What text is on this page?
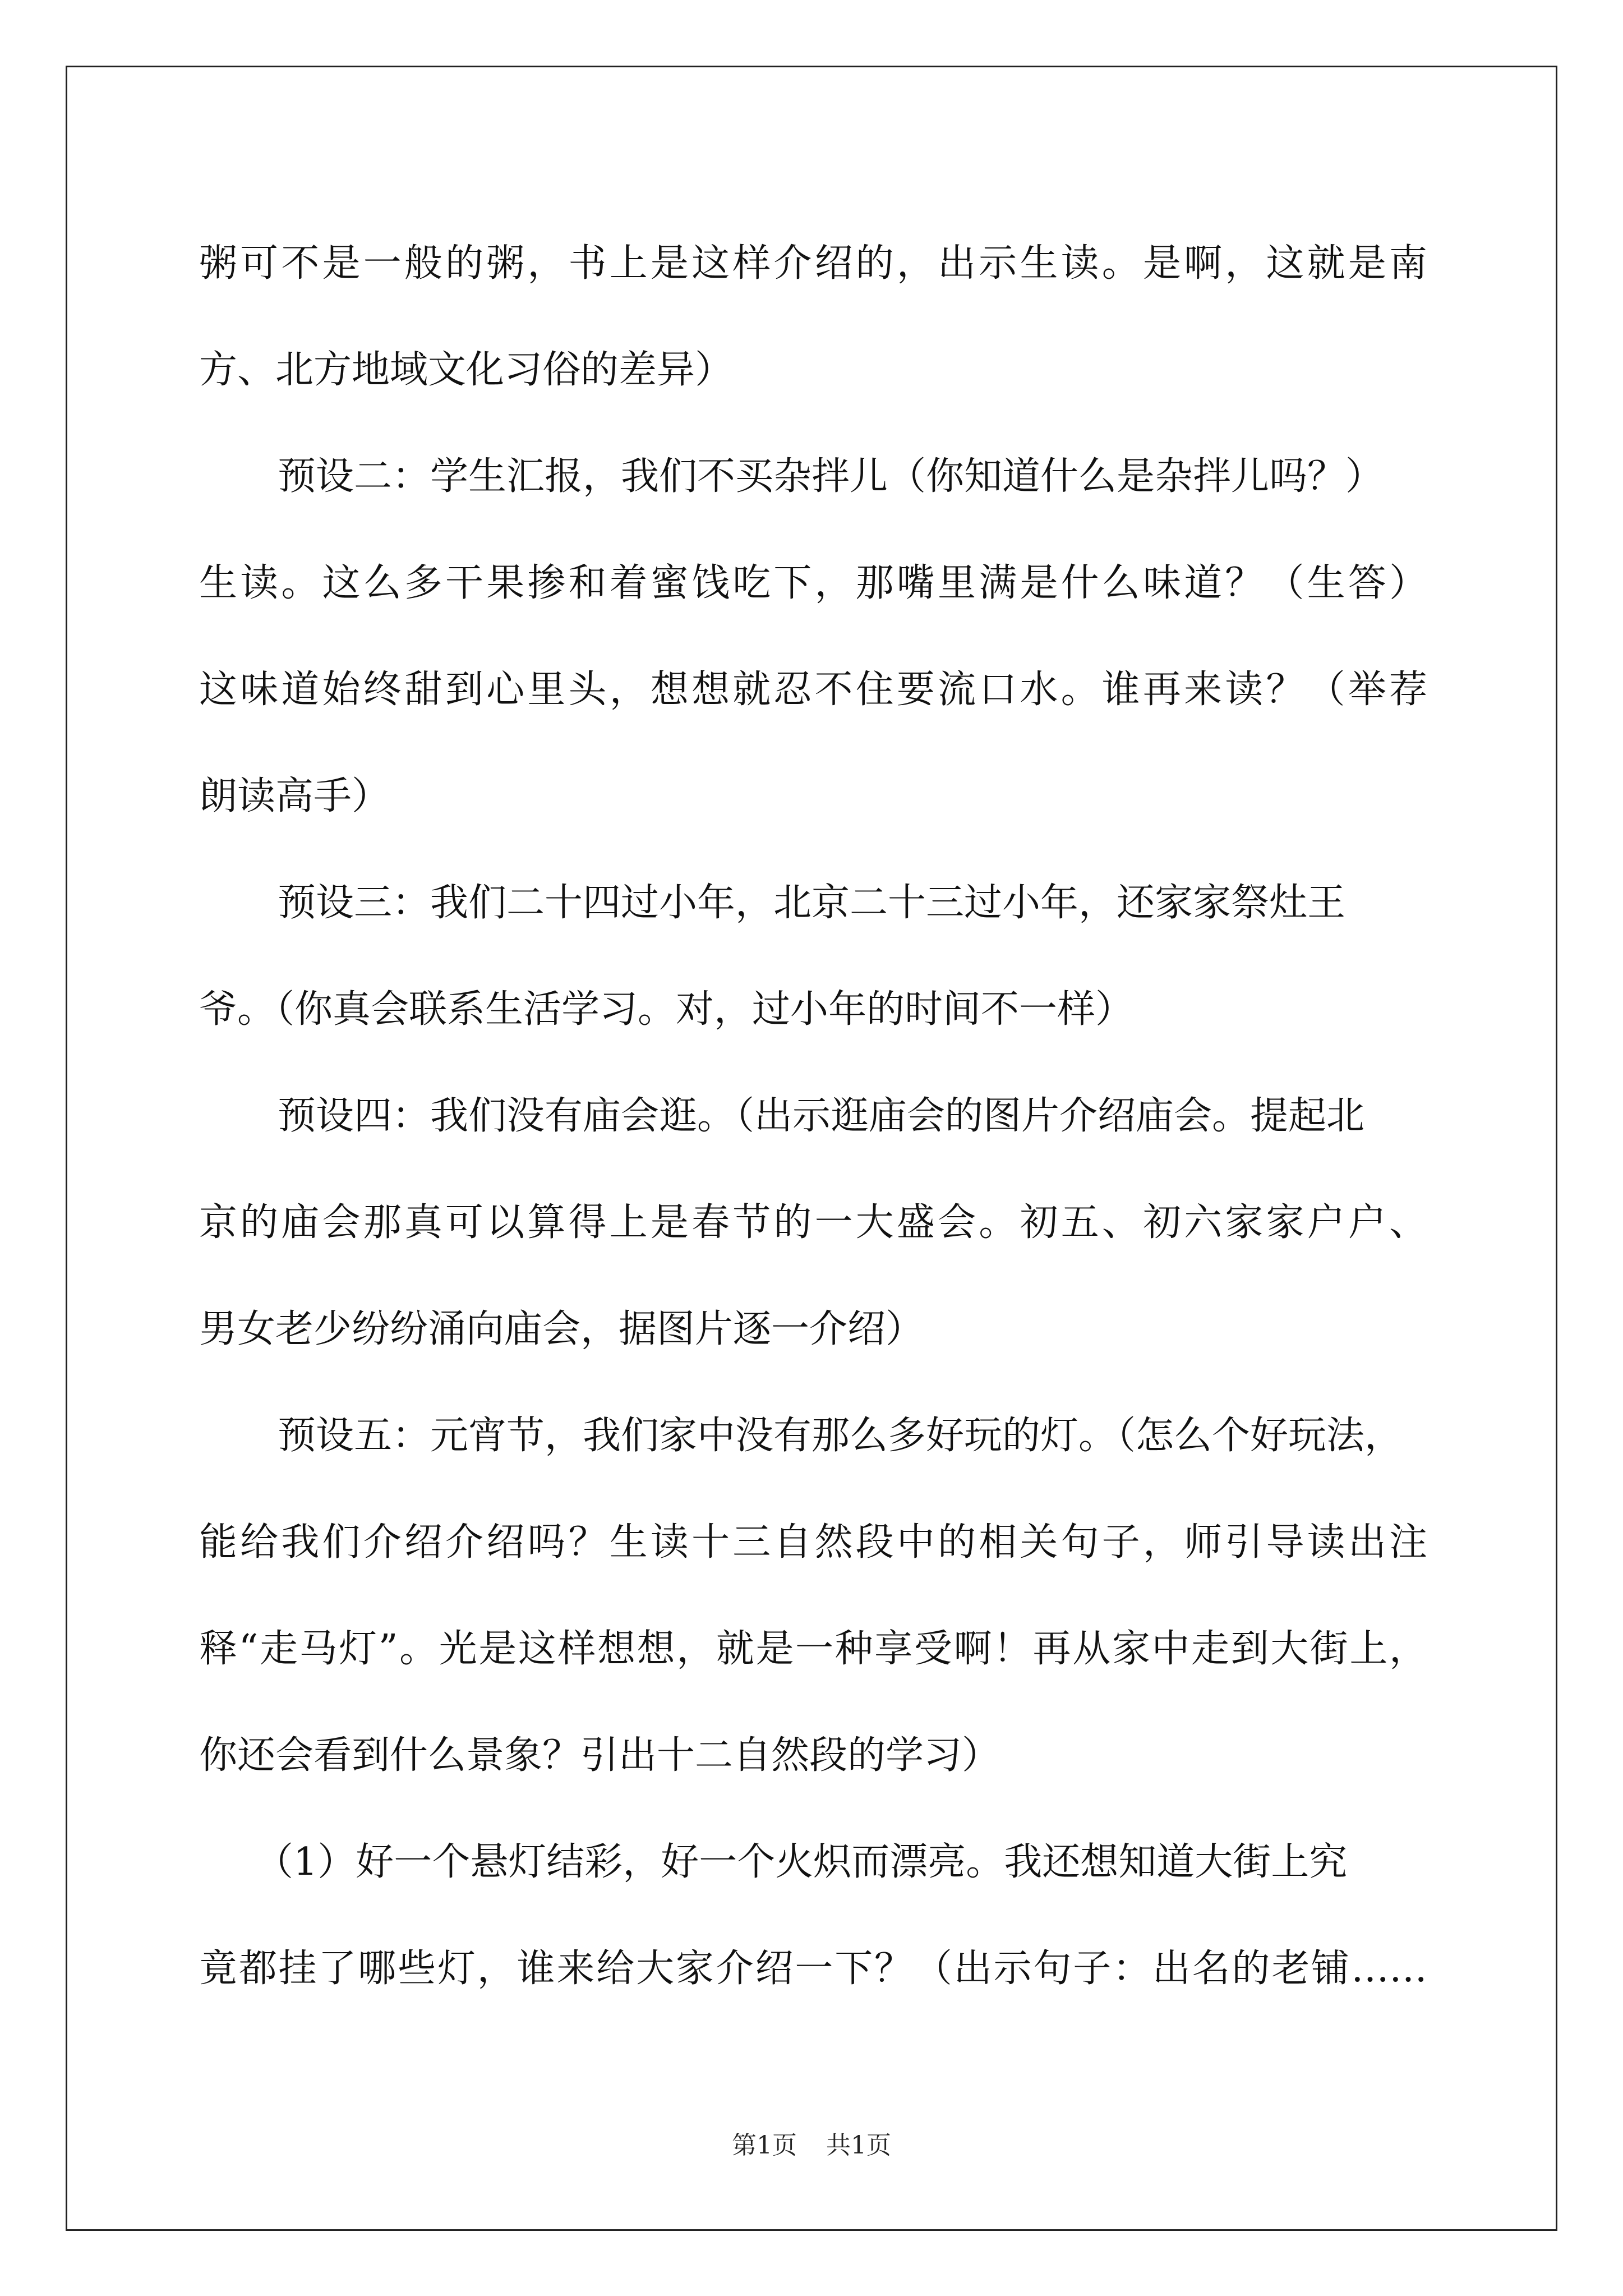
粥可不是一般的粥，书上是这样介绍的，出示生读。是啊，这就是南
方、北方地域文化习俗的差异）
预设二：学生汇报，我们不买杂拌儿（你知道什么是杂拌儿吗？）
生读。这么多干果掺和着蜜饯吃下，那嘴里满是什么味道？（生答）
这味道始终甜到心里头，想想就忍不住要流口水。谁再来读？（举荐
朗读高手）
预设三：我们二十四过小年，北京二十三过小年，还家家祭灶王
爷。（你真会联系生活学习。对，过小年的时间不一样）
预设四：我们没有庙会逛。（出示逛庙会的图片介绍庙会。提起北
京的庙会那真可以算得上是春节的一大盛会。初五、初六家家户户、
男女老少纷纷涌向庙会，据图片逐一介绍）
预设五：元宵节，我们家中没有那么多好玩的灯。（怎么个好玩法，
能给我们介绍介绍吗？生读十三自然段中的相关句子，师引导读出注
释“走马灯”。光是这样想想，就是一种享受啊！再从家中走到大街上，
你还会看到什么景象？引出十二自然段的学习）
（1）好一个悬灯结彩，好一个火炽而漂亮。我还想知道大街上究
竟都挂了哪些灯，谁来给大家介绍一下？（出示句子：出名的老铺……
第1页 共1页
